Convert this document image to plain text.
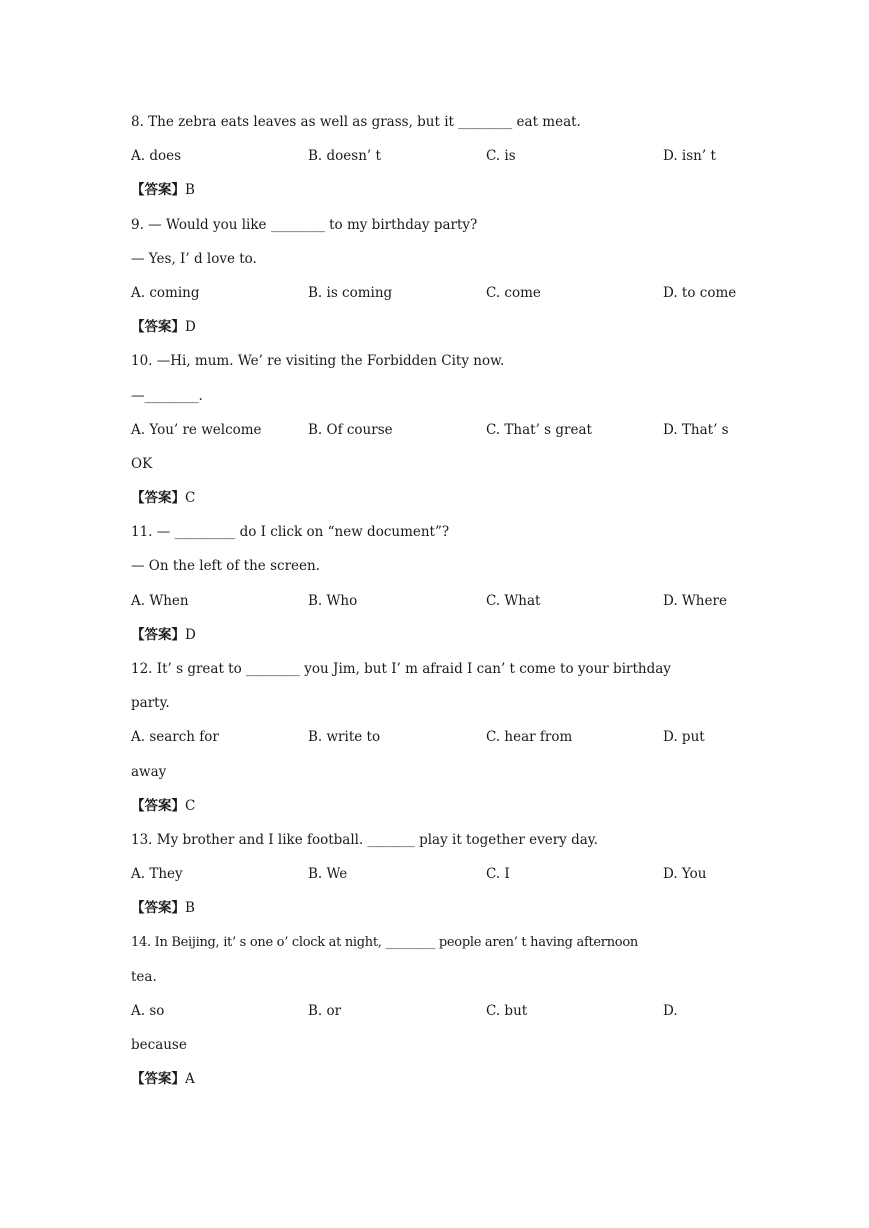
8. The zebra eats leaves as well as grass, but it ________ eat meat.

A. does

	B. doesn’ t

	C. is

	D. isn’ t

【答案】B
9. — Would you like ________ to my birthday party?
— Yes, I’ d love to.

A. coming

	B. is coming

	C. come

	D. to come

【答案】D
10. —Hi, mum. We’ re visiting the Forbidden City now.
—________.

A. You’ re welcome

	B. Of course

	C. That’ s great

	D. That’ s

OK
【答案】C
11. — _________ do I click on “new document”?
— On the left of the screen.

A. When

	B. Who

	C. What

	D. Where

【答案】D
12. It’ s great to ________ you Jim, but I’ m afraid I can’ t come to your birthday
party.

A. search for

	B. write to

	C. hear from

	D. put

away
【答案】C
13. My brother and I like football. _______ play it together every day.

A. They

	B. We

	C. I

	D. You

【答案】B
14. In Beijing, it’ s one o’ clock at night, ________ people aren’ t having afternoon
tea.

A. so

	B. or

	C. but

	D.

because
【答案】A
